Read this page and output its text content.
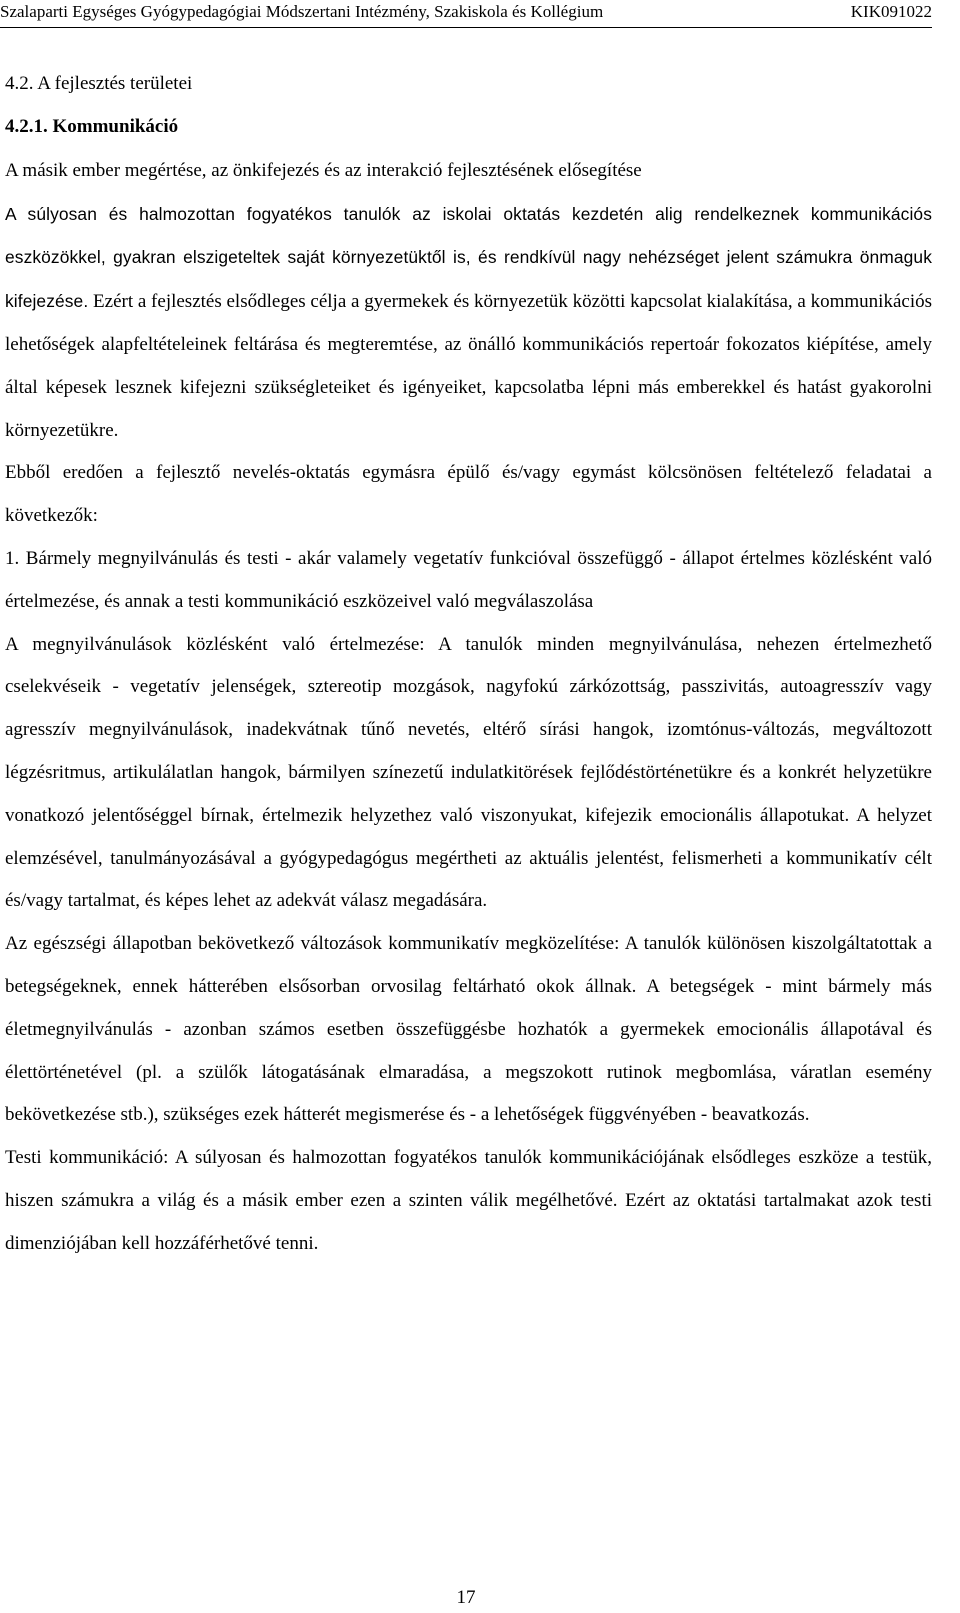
Szalaparti Egységes Gyógypedagógiai Módszertani Intézmény, Szakiskola és Kollégium	KIK091022

4.2. A fejlesztés területei

4.2.1. Kommunikáció

A másik ember megértése, az önkifejezés és az interakció fejlesztésének elősegítése

A súlyosan és halmozottan fogyatékos tanulók az iskolai oktatás kezdetén alig rendelkeznek kommunikációs eszközökkel, gyakran elszigeteltek saját környezetüktől is, és rendkívül nagy nehézséget jelent számukra önmaguk kifejezése. Ezért a fejlesztés elsődleges célja a gyermekek és környezetük közötti kapcsolat kialakítása, a kommunikációs lehetőségek alapfeltételeinek feltárása és megteremtése, az önálló kommunikációs repertoár fokozatos kiépítése, amely által képesek lesznek kifejezni szükségleteiket és igényeiket, kapcsolatba lépni más emberekkel és hatást gyakorolni környezetükre.

Ebből eredően a fejlesztő nevelés-oktatás egymásra épülő és/vagy egymást kölcsönösen feltételező feladatai a következők:

1. Bármely megnyilvánulás és testi - akár valamely vegetatív funkcióval összefüggő - állapot értelmes közlésként való értelmezése, és annak a testi kommunikáció eszközeivel való megválaszolása

A megnyilvánulások közlésként való értelmezése: A tanulók minden megnyilvánulása, nehezen értelmezhető cselekvéseik - vegetatív jelenségek, sztereotip mozgások, nagyfokú zárkózottság, passzivitás, autoagresszív vagy agresszív megnyilvánulások, inadekvátnak tűnő nevetés, eltérő sírási hangok, izomtónus-változás, megváltozott légzésritmus, artikulálatlan hangok, bármilyen színezetű indulatkitörések fejlődéstörténetükre és a konkrét helyzetükre vonatkozó jelentőséggel bírnak, értelmezik helyzethez való viszonyukat, kifejezik emocionális állapotukat. A helyzet elemzésével, tanulmányozásával a gyógypedagógus megértheti az aktuális jelentést, felismerheti a kommunikatív célt és/vagy tartalmat, és képes lehet az adekvát válasz megadására.

Az egészségi állapotban bekövetkező változások kommunikatív megközelítése: A tanulók különösen kiszolgáltatottak a betegségeknek, ennek hátterében elsősorban orvosilag feltárható okok állnak. A betegségek - mint bármely más életmegnyilvánulás - azonban számos esetben összefüggésbe hozhatók a gyermekek emocionális állapotával és élettörténetével (pl. a szülők látogatásának elmaradása, a megszokott rutinok megbomlása, váratlan esemény bekövetkezése stb.), szükséges ezek hátterét megismerése és - a lehetőségek függvényében - beavatkozás.

Testi kommunikáció: A súlyosan és halmozottan fogyatékos tanulók kommunikációjának elsődleges eszköze a testük, hiszen számukra a világ és a másik ember ezen a szinten válik megélhetővé. Ezért az oktatási tartalmakat azok testi dimenziójában kell hozzáférhetővé tenni.

17
